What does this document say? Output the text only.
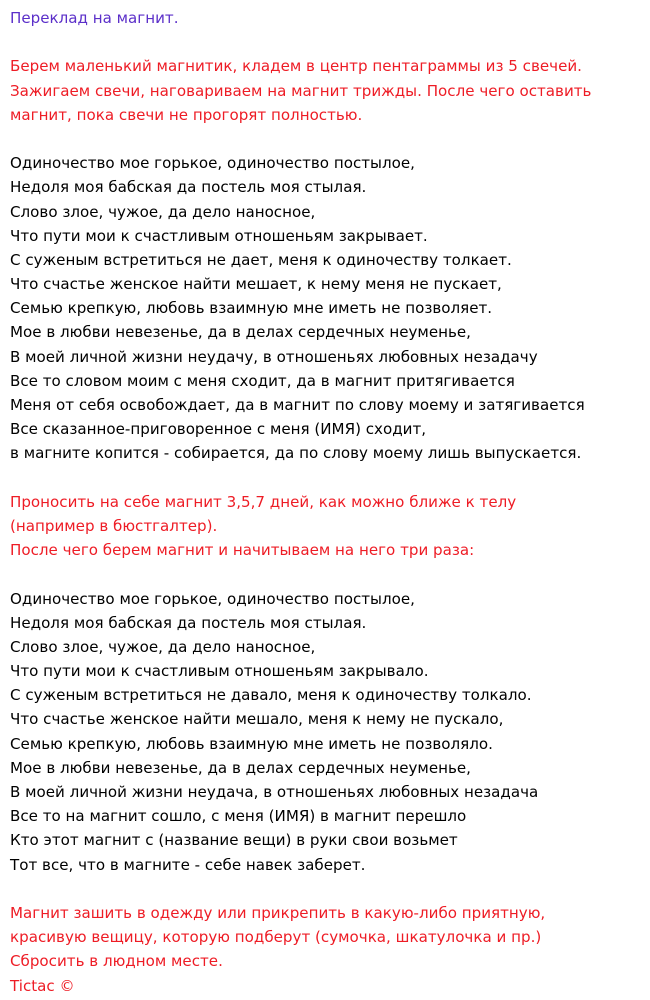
Переклад на магнит.
Берем маленький магнитик, кладем в центр пентаграммы из 5 свечей.
Зажигаем свечи, наговариваем на магнит трижды. После чего оставить
магнит, пока свечи не прогорят полностью.
Одиночество мое горькое, одиночество постылое,
Недоля моя бабская да постель моя стылая.
Слово злое, чужое, да дело наносное,
Что пути мои к счастливым отношеньям закрывает.
С суженым встретиться не дает, меня к одиночеству толкает.
Что счастье женское найти мешает, к нему меня не пускает,
Семью крепкую, любовь взаимную мне иметь не позволяет.
Мое в любви невезенье, да в делах сердечных неуменье,
В моей личной жизни неудачу, в отношеньях любовных незадачу
Все то словом моим с меня сходит, да в магнит притягивается
Меня от себя освобождает, да в магнит по слову моему и затягивается
Все сказанное-приговоренное с меня (ИМЯ) сходит,
в магните копится - собирается, да по слову моему лишь выпускается.
Проносить на себе магнит 3,5,7 дней, как можно ближе к телу
(например в бюстгалтер).
После чего берем магнит и начитываем на него три раза:
Одиночество мое горькое, одиночество постылое,
Недоля моя бабская да постель моя стылая.
Слово злое, чужое, да дело наносное,
Что пути мои к счастливым отношеньям закрывало.
С суженым встретиться не давало, меня к одиночеству толкало.
Что счастье женское найти мешало, меня к нему не пускало,
Семью крепкую, любовь взаимную мне иметь не позволяло.
Мое в любви невезенье, да в делах сердечных неуменье,
В моей личной жизни неудача, в отношеньях любовных незадача
Все то на магнит сошло, с меня (ИМЯ) в магнит перешло
Кто этот магнит с (название вещи) в руки свои возьмет
Тот все, что в магните - себе навек заберет.
Магнит зашить в одежду или прикрепить в какую-либо приятную,
красивую вещицу, которую подберут (сумочка, шкатулочка и пр.)
Сбросить в людном месте.
Tictac ©
